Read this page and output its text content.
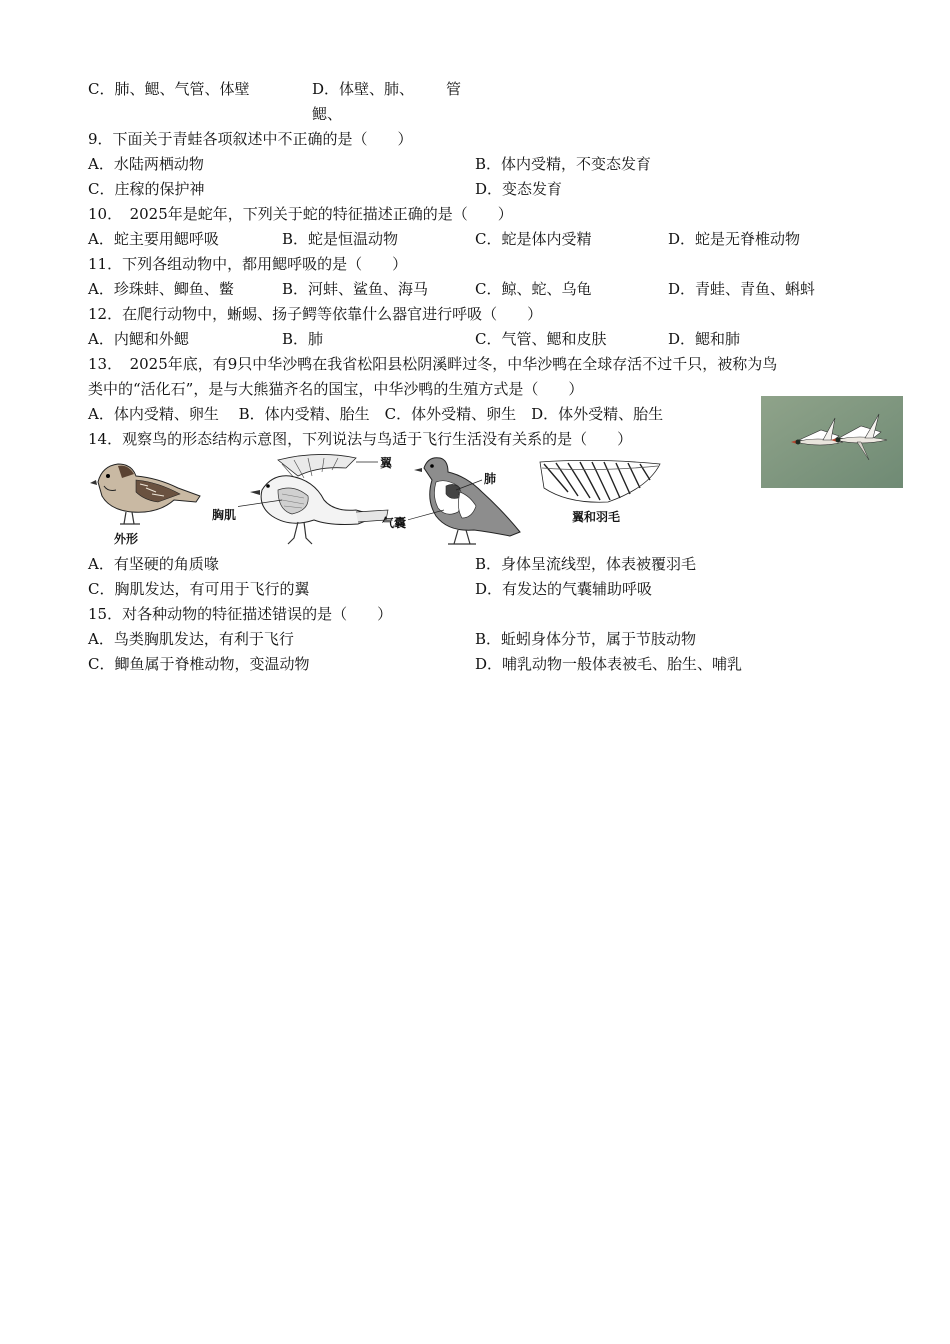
C．肺、鳃、气管、体壁	D．体壁、肺、 管
鳃、
9．下面关于青蛙各项叙述中不正确的是（　　）
A．水陆两栖动物	B．体内受精，不变态发育
C．庄稼的保护神	D．变态发育
10．　2025年是蛇年，下列关于蛇的特征描述正确的是（　　）
A．蛇主要用鳃呼吸	B．蛇是恒温动物	C．蛇是体内受精	D．蛇是无脊椎动物
11．下列各组动物中，都用鳃呼吸的是（　　）
A．珍珠蚌、鲫鱼、鳖	B．河蚌、鲨鱼、海马	C．鲸、蛇、乌龟	D．青蛙、青鱼、蝌蚪
12．在爬行动物中，蜥蜴、扬子鳄等依靠什么器官进行呼吸（　　）
A．内鳃和外鳃	B．肺	C．气管、鳃和皮肤	D．鳃和肺
13．　2025年底，有9只中华沙鸭在我省松阳县松阴溪畔过冬，中华沙鸭在全球存活不过千只，被称为鸟
类中的“活化石”，是与大熊猫齐名的国宝，中华沙鸭的生殖方式是（　　）
A．体内受精、卵生　 B．体内受精、胎生　C．体外受精、卵生　D．体外受精、胎生
14．观察鸟的形态结构示意图，下列说法与鸟适于飞行生活没有关系的是（　　）
外形
胸肌
翼
肺
气囊	翼和羽毛
A．有坚硬的角质喙	B．身体呈流线型，体表被覆羽毛
C．胸肌发达，有可用于飞行的翼	D．有发达的气囊辅助呼吸
15．对各种动物的特征描述错误的是（　　）
A．鸟类胸肌发达，有利于飞行	B．蚯蚓身体分节，属于节肢动物
C．鲫鱼属于脊椎动物，变温动物	D．哺乳动物一般体表被毛、胎生、哺乳
